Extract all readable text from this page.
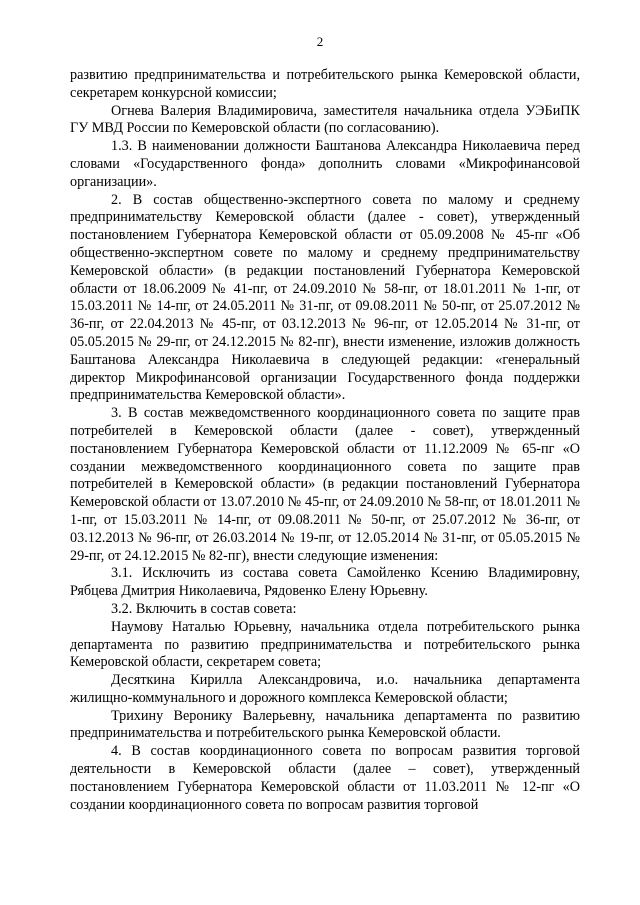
2

развитию предпринимательства и потребительского рынка Кемеровской области, секретарем конкурсной комиссии;

Огнева Валерия Владимировича, заместителя начальника отдела УЭБиПК ГУ МВД России по Кемеровской области (по согласованию).

1.3. В наименовании должности Баштанова Александра Николаевича перед словами «Государственного фонда» дополнить словами «Микрофинансовой организации».

2. В состав общественно-экспертного совета по малому и среднему предпринимательству Кемеровской области (далее - совет), утвержденный постановлением Губернатора Кемеровской области от 05.09.2008 № 45-пг «Об общественно-экспертном совете по малому и среднему предпринимательству Кемеровской области» (в редакции постановлений Губернатора Кемеровской области от 18.06.2009 № 41-пг, от 24.09.2010 № 58-пг, от 18.01.2011 № 1-пг, от 15.03.2011 № 14-пг, от 24.05.2011 № 31-пг, от 09.08.2011 № 50-пг, от 25.07.2012 № 36-пг, от 22.04.2013 № 45-пг, от 03.12.2013 № 96-пг, от 12.05.2014 № 31-пг, от 05.05.2015 № 29-пг, от 24.12.2015 № 82-пг), внести изменение, изложив должность Баштанова Александра Николаевича в следующей редакции: «генеральный директор Микрофинансовой организации Государственного фонда поддержки предпринимательства Кемеровской области».

3. В состав межведомственного координационного совета по защите прав потребителей в Кемеровской области (далее - совет), утвержденный постановлением Губернатора Кемеровской области от 11.12.2009 № 65-пг «О создании межведомственного координационного совета по защите прав потребителей в Кемеровской области» (в редакции постановлений Губернатора Кемеровской области от 13.07.2010 № 45-пг, от 24.09.2010 № 58-пг, от 18.01.2011 № 1-пг, от 15.03.2011 № 14-пг, от 09.08.2011 № 50-пг, от 25.07.2012 № 36-пг, от 03.12.2013 № 96-пг, от 26.03.2014 № 19-пг, от 12.05.2014 № 31-пг, от 05.05.2015 № 29-пг, от 24.12.2015 № 82-пг), внести следующие изменения:

3.1. Исключить из состава совета Самойленко Ксению Владимировну, Рябцева Дмитрия Николаевича, Рядовенко Елену Юрьевну.

3.2. Включить в состав совета:

Наумову Наталью Юрьевну, начальника отдела потребительского рынка департамента по развитию предпринимательства и потребительского рынка Кемеровской области, секретарем совета;

Десяткина Кирилла Александровича, и.о. начальника департамента жилищно-коммунального и дорожного комплекса Кемеровской области;

Трихину Веронику Валерьевну, начальника департамента по развитию предпринимательства и потребительского рынка Кемеровской области.

4. В состав координационного совета по вопросам развития торговой деятельности в Кемеровской области (далее – совет), утвержденный постановлением Губернатора Кемеровской области от 11.03.2011 № 12-пг «О создании координационного совета по вопросам развития торговой
